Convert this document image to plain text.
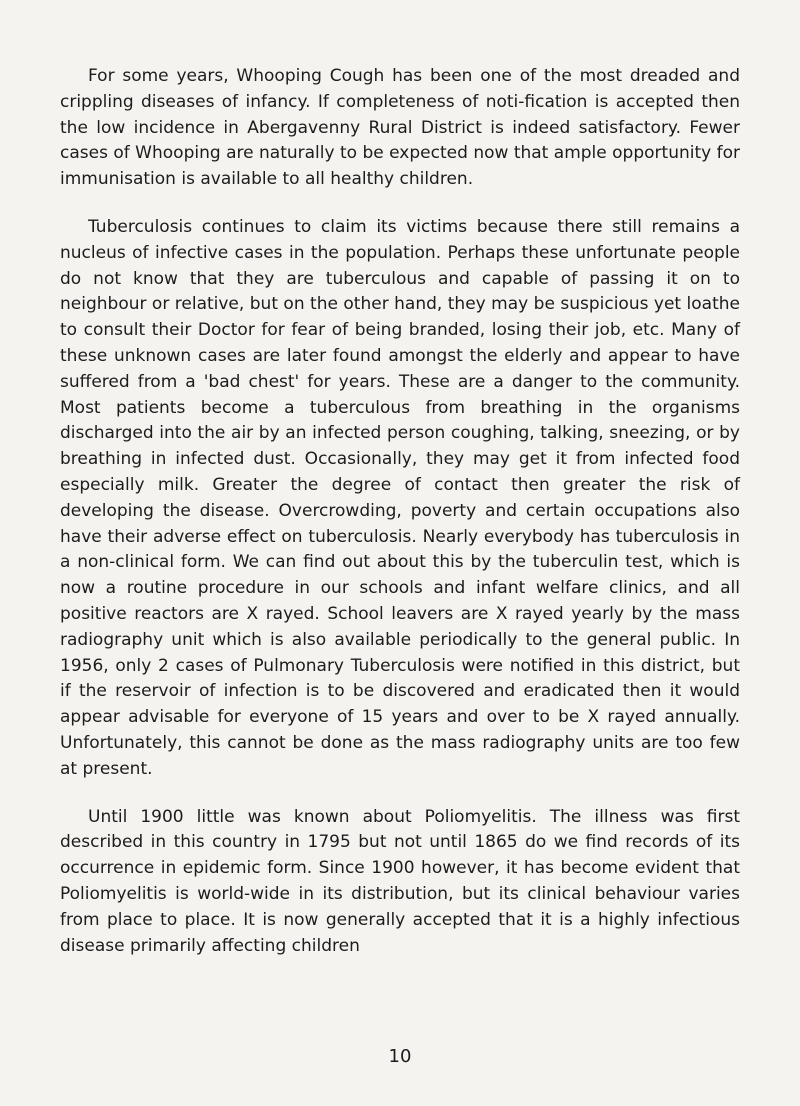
For some years, Whooping Cough has been one of the most dreaded and crippling diseases of infancy. If completeness of noti-fication is accepted then the low incidence in Abergavenny Rural District is indeed satisfactory. Fewer cases of Whooping are naturally to be expected now that ample opportunity for immunisation is available to all healthy children.

Tuberculosis continues to claim its victims because there still remains a nucleus of infective cases in the population. Perhaps these unfortunate people do not know that they are tuberculous and capable of passing it on to neighbour or relative, but on the other hand, they may be suspicious yet loathe to consult their Doctor for fear of being branded, losing their job, etc. Many of these unknown cases are later found amongst the elderly and appear to have suffered from a 'bad chest' for years. These are a danger to the community. Most patients become a tuberculous from breathing in the organisms discharged into the air by an infected person coughing, talking, sneezing, or by breathing in infected dust. Occasionally, they may get it from infected food especially milk. Greater the degree of contact then greater the risk of developing the disease. Overcrowding, poverty and certain occupations also have their adverse effect on tuberculosis. Nearly everybody has tuberculosis in a non-clinical form. We can find out about this by the tuberculin test, which is now a routine procedure in our schools and infant welfare clinics, and all positive reactors are X rayed. School leavers are X rayed yearly by the mass radiography unit which is also available periodically to the general public. In 1956, only 2 cases of Pulmonary Tuberculosis were notified in this district, but if the reservoir of infection is to be discovered and eradicated then it would appear advisable for everyone of 15 years and over to be X rayed annually. Unfortunately, this cannot be done as the mass radiography units are too few at present.

Until 1900 little was known about Poliomyelitis. The illness was first described in this country in 1795 but not until 1865 do we find records of its occurrence in epidemic form. Since 1900 however, it has become evident that Poliomyelitis is world-wide in its distribution, but its clinical behaviour varies from place to place. It is now generally accepted that it is a highly infectious disease primarily affecting children

10
